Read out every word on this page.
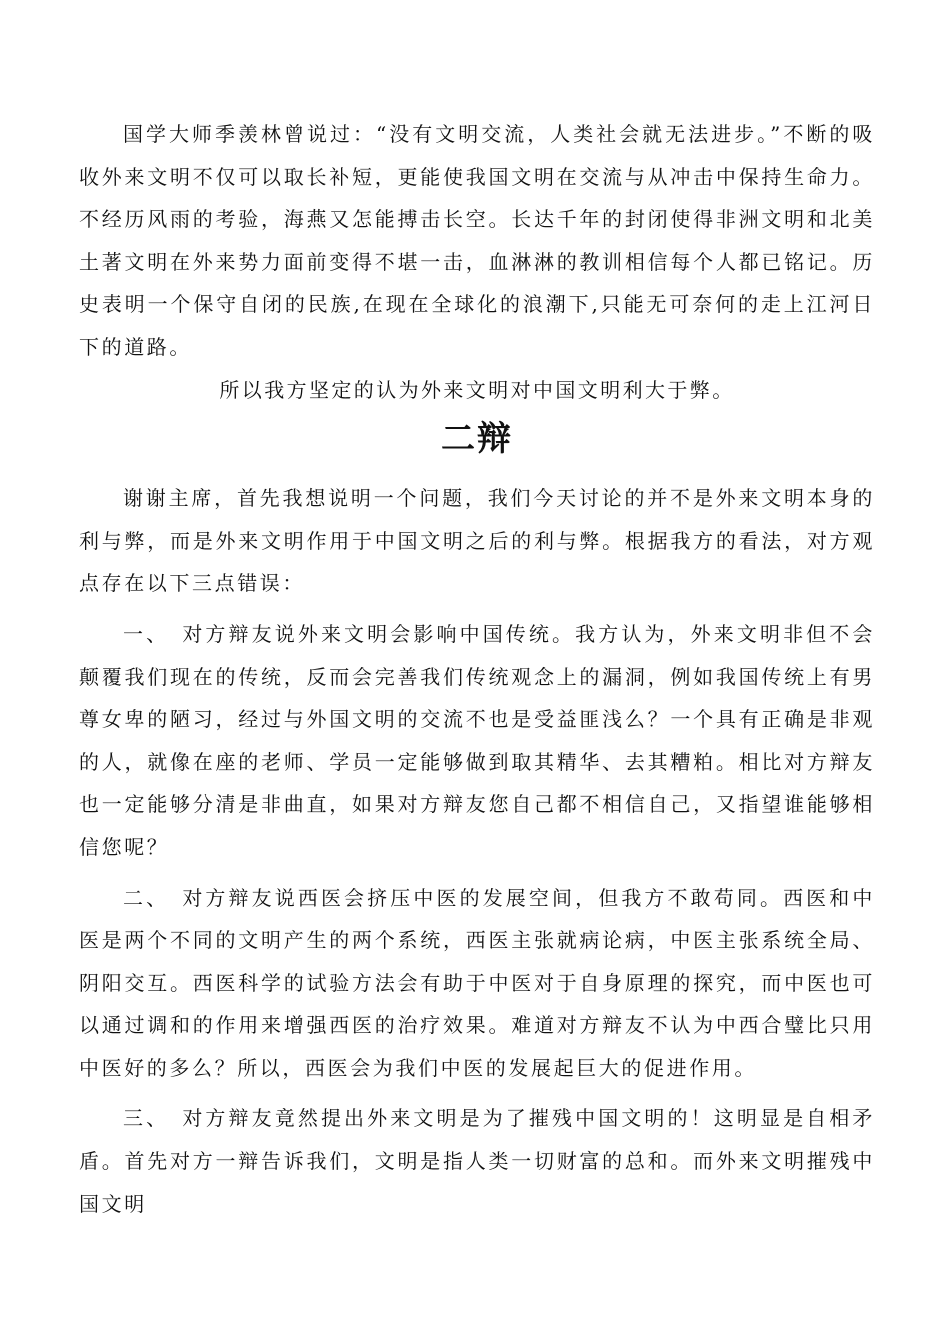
国学大师季羡林曾说过：“没有文明交流，人类社会就无法进步。”不断的吸收外来文明不仅可以取长补短，更能使我国文明在交流与从冲击中保持生命力。不经历风雨的考验，海燕又怎能搏击长空。长达千年的封闭使得非洲文明和北美土著文明在外来势力面前变得不堪一击，血淋淋的教训相信每个人都已铭记。历史表明一个保守自闭的民族,在现在全球化的浪潮下,只能无可奈何的走上江河日下的道路。

所以我方坚定的认为外来文明对中国文明利大于弊。

二辩

谢谢主席，首先我想说明一个问题，我们今天讨论的并不是外来文明本身的利与弊，而是外来文明作用于中国文明之后的利与弊。根据我方的看法，对方观点存在以下三点错误：

一、　对方辩友说外来文明会影响中国传统。我方认为，外来文明非但不会颠覆我们现在的传统，反而会完善我们传统观念上的漏洞，例如我国传统上有男尊女卑的陋习，经过与外国文明的交流不也是受益匪浅么？一个具有正确是非观的人，就像在座的老师、学员一定能够做到取其精华、去其糟粕。相比对方辩友也一定能够分清是非曲直，如果对方辩友您自己都不相信自己，又指望谁能够相信您呢？

二、　对方辩友说西医会挤压中医的发展空间，但我方不敢苟同。西医和中医是两个不同的文明产生的两个系统，西医主张就病论病，中医主张系统全局、阴阳交互。西医科学的试验方法会有助于中医对于自身原理的探究，而中医也可以通过调和的作用来增强西医的治疗效果。难道对方辩友不认为中西合璧比只用中医好的多么？所以，西医会为我们中医的发展起巨大的促进作用。

三、　对方辩友竟然提出外来文明是为了摧残中国文明的！这明显是自相矛盾。首先对方一辩告诉我们，文明是指人类一切财富的总和。而外来文明摧残中国文明
